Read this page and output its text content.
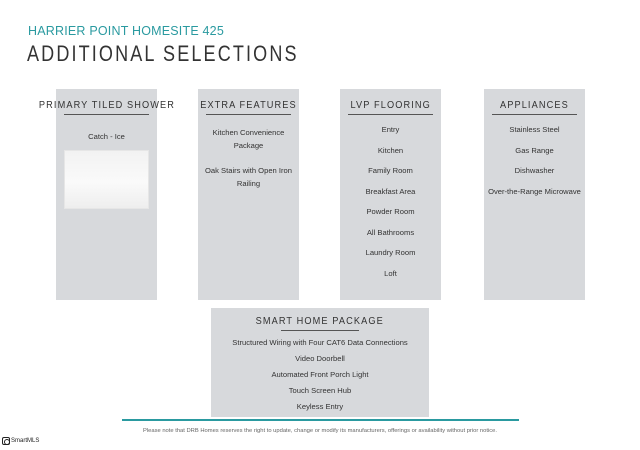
HARRIER POINT HOMESITE 425
ADDITIONAL SELECTIONS
PRIMARY TILED SHOWER
Catch - Ice
EXTRA FEATURES
Kitchen Convenience
Package
Oak Stairs with Open Iron
Railing
LVP FLOORING
Entry
Kitchen
Family Room
Breakfast Area
Powder Room
All Bathrooms
Laundry Room
Loft
APPLIANCES
Stainless Steel
Gas Range
Dishwasher
Over-the-Range Microwave
SMART HOME PACKAGE
Structured Wiring with Four CAT6 Data Connections
Video Doorbell
Automated Front Porch Light
Touch Screen Hub
Keyless Entry
Please note that DRB Homes reserves the right to update, change or modify its manufacturers, offerings or availability without prior notice.
SmartMLS
